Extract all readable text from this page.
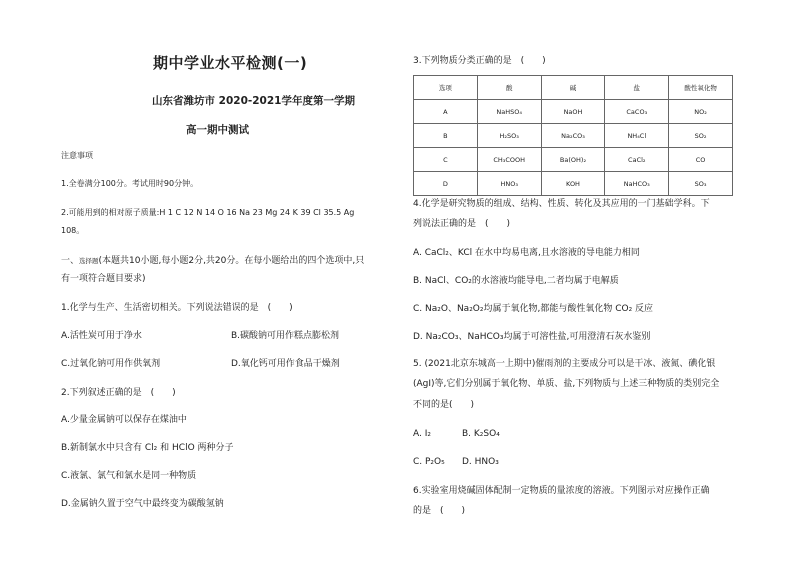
期中学业水平检测(一)
山东省潍坊市 2020-2021学年度第一学期
高一期中测试
注意事项
1.全卷满分100分。考试用时90分钟。
2.可能用到的相对原子质量:H 1 C 12 N 14 O 16 Na 23 Mg 24 K 39 Cl 35.5 Ag
108。
一、选择题(本题共10小题,每小题2分,共20分。在每小题给出的四个选项中,只
有一项符合题目要求)
1.化学与生产、生活密切相关。下列说法错误的是　(　　)
A.活性炭可用于净水	B.碳酸钠可用作糕点膨松剂
C.过氧化钠可用作供氧剂	D.氧化钙可用作食品干燥剂
2.下列叙述正确的是　(　　)
A.少量金属钠可以保存在煤油中
B.新制氯水中只含有 Cl₂ 和 HClO 两种分子
C.液氯、氯气和氯水是同一种物质
D.金属钠久置于空气中最终变为碳酸氢钠
3.下列物质分类正确的是　(　　)
选项	酸	碱	盐	酸性氧化物
A	NaHSO₄	NaOH	CaCO₃	NO₂
B	H₂SO₃	Na₂CO₃	NH₄Cl	SO₂
C	CH₃COOH	Ba(OH)₂	CaCl₂	CO
D	HNO₃	KOH	NaHCO₃	SO₃
4.化学是研究物质的组成、结构、性质、转化及其应用的一门基础学科。下
列说法正确的是　(　　)
A. CaCl₂、KCl 在水中均易电离,且水溶液的导电能力相同
B. NaCl、CO₂的水溶液均能导电,二者均属于电解质
C. Na₂O、Na₂O₂均属于氧化物,都能与酸性氧化物 CO₂ 反应
D. Na₂CO₃、NaHCO₃均属于可溶性盐,可用澄清石灰水鉴别
5. (2021北京东城高一上期中)催雨剂的主要成分可以是干冰、液氮、碘化银
(AgI)等,它们分别属于氧化物、单质、盐,下列物质与上述三种物质的类别完全
不同的是(　　)
A. I₂	B. K₂SO₄
C. P₂O₅ D. HNO₃
6.实验室用烧碱固体配制一定物质的量浓度的溶液。下列图示对应操作正确
的是　(　　)
